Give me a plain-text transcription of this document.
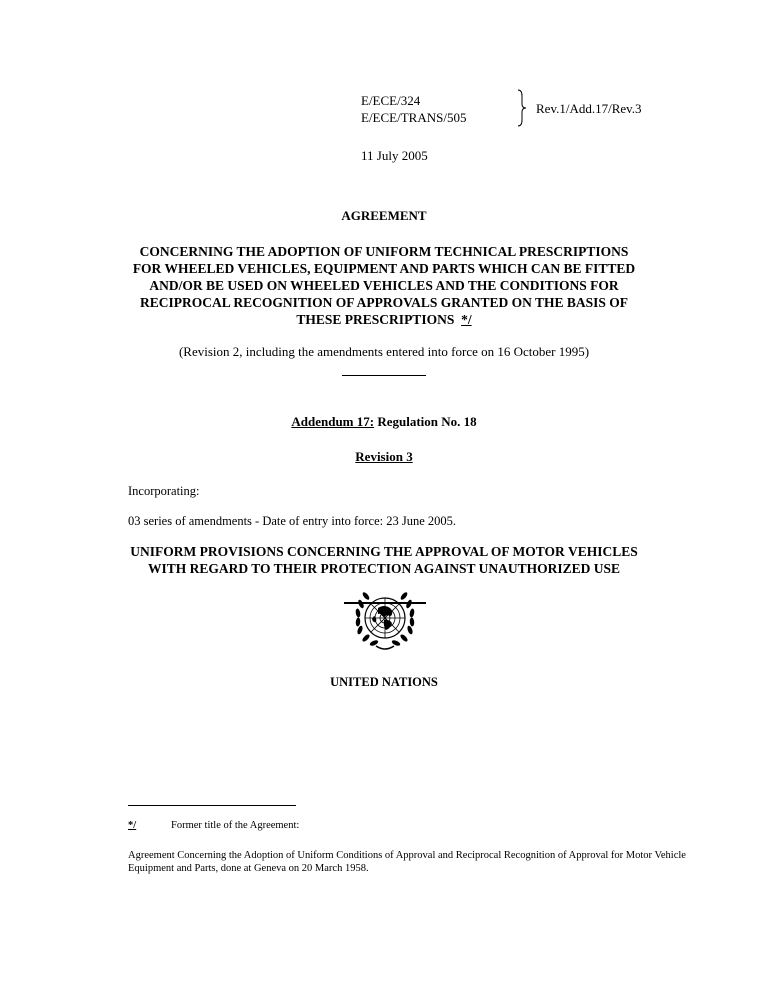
E/ECE/324
E/ECE/TRANS/505
Rev.1/Add.17/Rev.3
11 July 2005
AGREEMENT
CONCERNING THE ADOPTION OF UNIFORM TECHNICAL PRESCRIPTIONS
FOR WHEELED VEHICLES, EQUIPMENT AND PARTS WHICH CAN BE FITTED
AND/OR BE USED ON WHEELED VEHICLES AND THE CONDITIONS FOR
RECIPROCAL RECOGNITION OF APPROVALS GRANTED ON THE BASIS OF
THESE PRESCRIPTIONS */
(Revision 2, including the amendments entered into force on 16 October 1995)
Addendum 17: Regulation No. 18
Revision 3
Incorporating:
03 series of amendments - Date of entry into force: 23 June 2005.
UNIFORM PROVISIONS CONCERNING THE APPROVAL OF MOTOR VEHICLES
WITH REGARD TO THEIR PROTECTION AGAINST UNAUTHORIZED USE
UNITED NATIONS
*/	Former title of the Agreement:
Agreement Concerning the Adoption of Uniform Conditions of Approval and Reciprocal Recognition of Approval for Motor Vehicle Equipment and Parts, done at Geneva on 20 March 1958.
